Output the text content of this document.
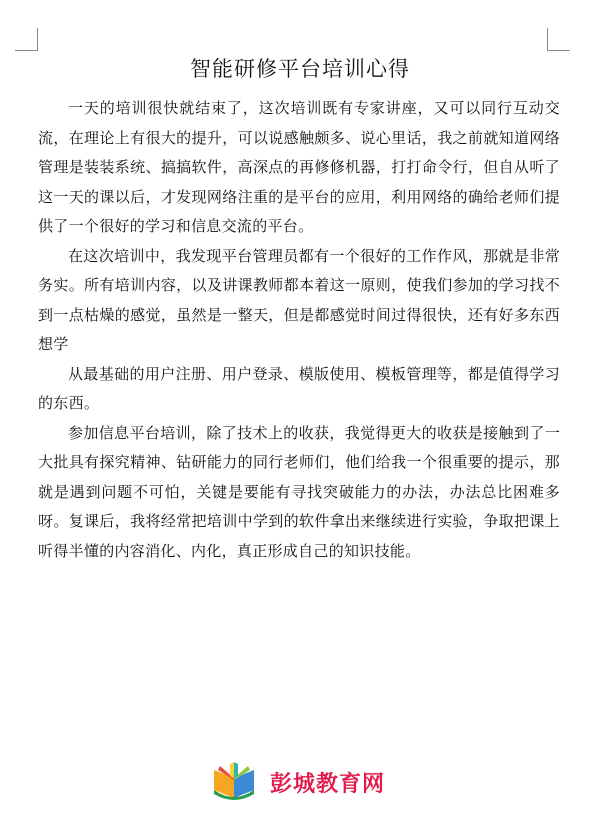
智能研修平台培训心得

一天的培训很快就结束了，这次培训既有专家讲座，又可以同行互动交流，在理论上有很大的提升，可以说感触颇多、说心里话，我之前就知道网络管理是装装系统、搞搞软件，高深点的再修修机器，打打命令行，但自从听了这一天的课以后，才发现网络注重的是平台的应用，利用网络的确给老师们提供了一个很好的学习和信息交流的平台。

在这次培训中，我发现平台管理员都有一个很好的工作作风，那就是非常务实。所有培训内容，以及讲课教师都本着这一原则，使我们参加的学习找不到一点枯燥的感觉，虽然是一整天，但是都感觉时间过得很快，还有好多东西想学

从最基础的用户注册、用户登录、模版使用、模板管理等，都是值得学习的东西。

参加信息平台培训，除了技术上的收获，我觉得更大的收获是接触到了一大批具有探究精神、钻研能力的同行老师们，他们给我一个很重要的提示，那就是遇到问题不可怕，关键是要能有寻找突破能力的办法，办法总比困难多呀。复课后，我将经常把培训中学到的软件拿出来继续进行实验，争取把课上听得半懂的内容消化、内化，真正形成自己的知识技能。

彭城教育网
